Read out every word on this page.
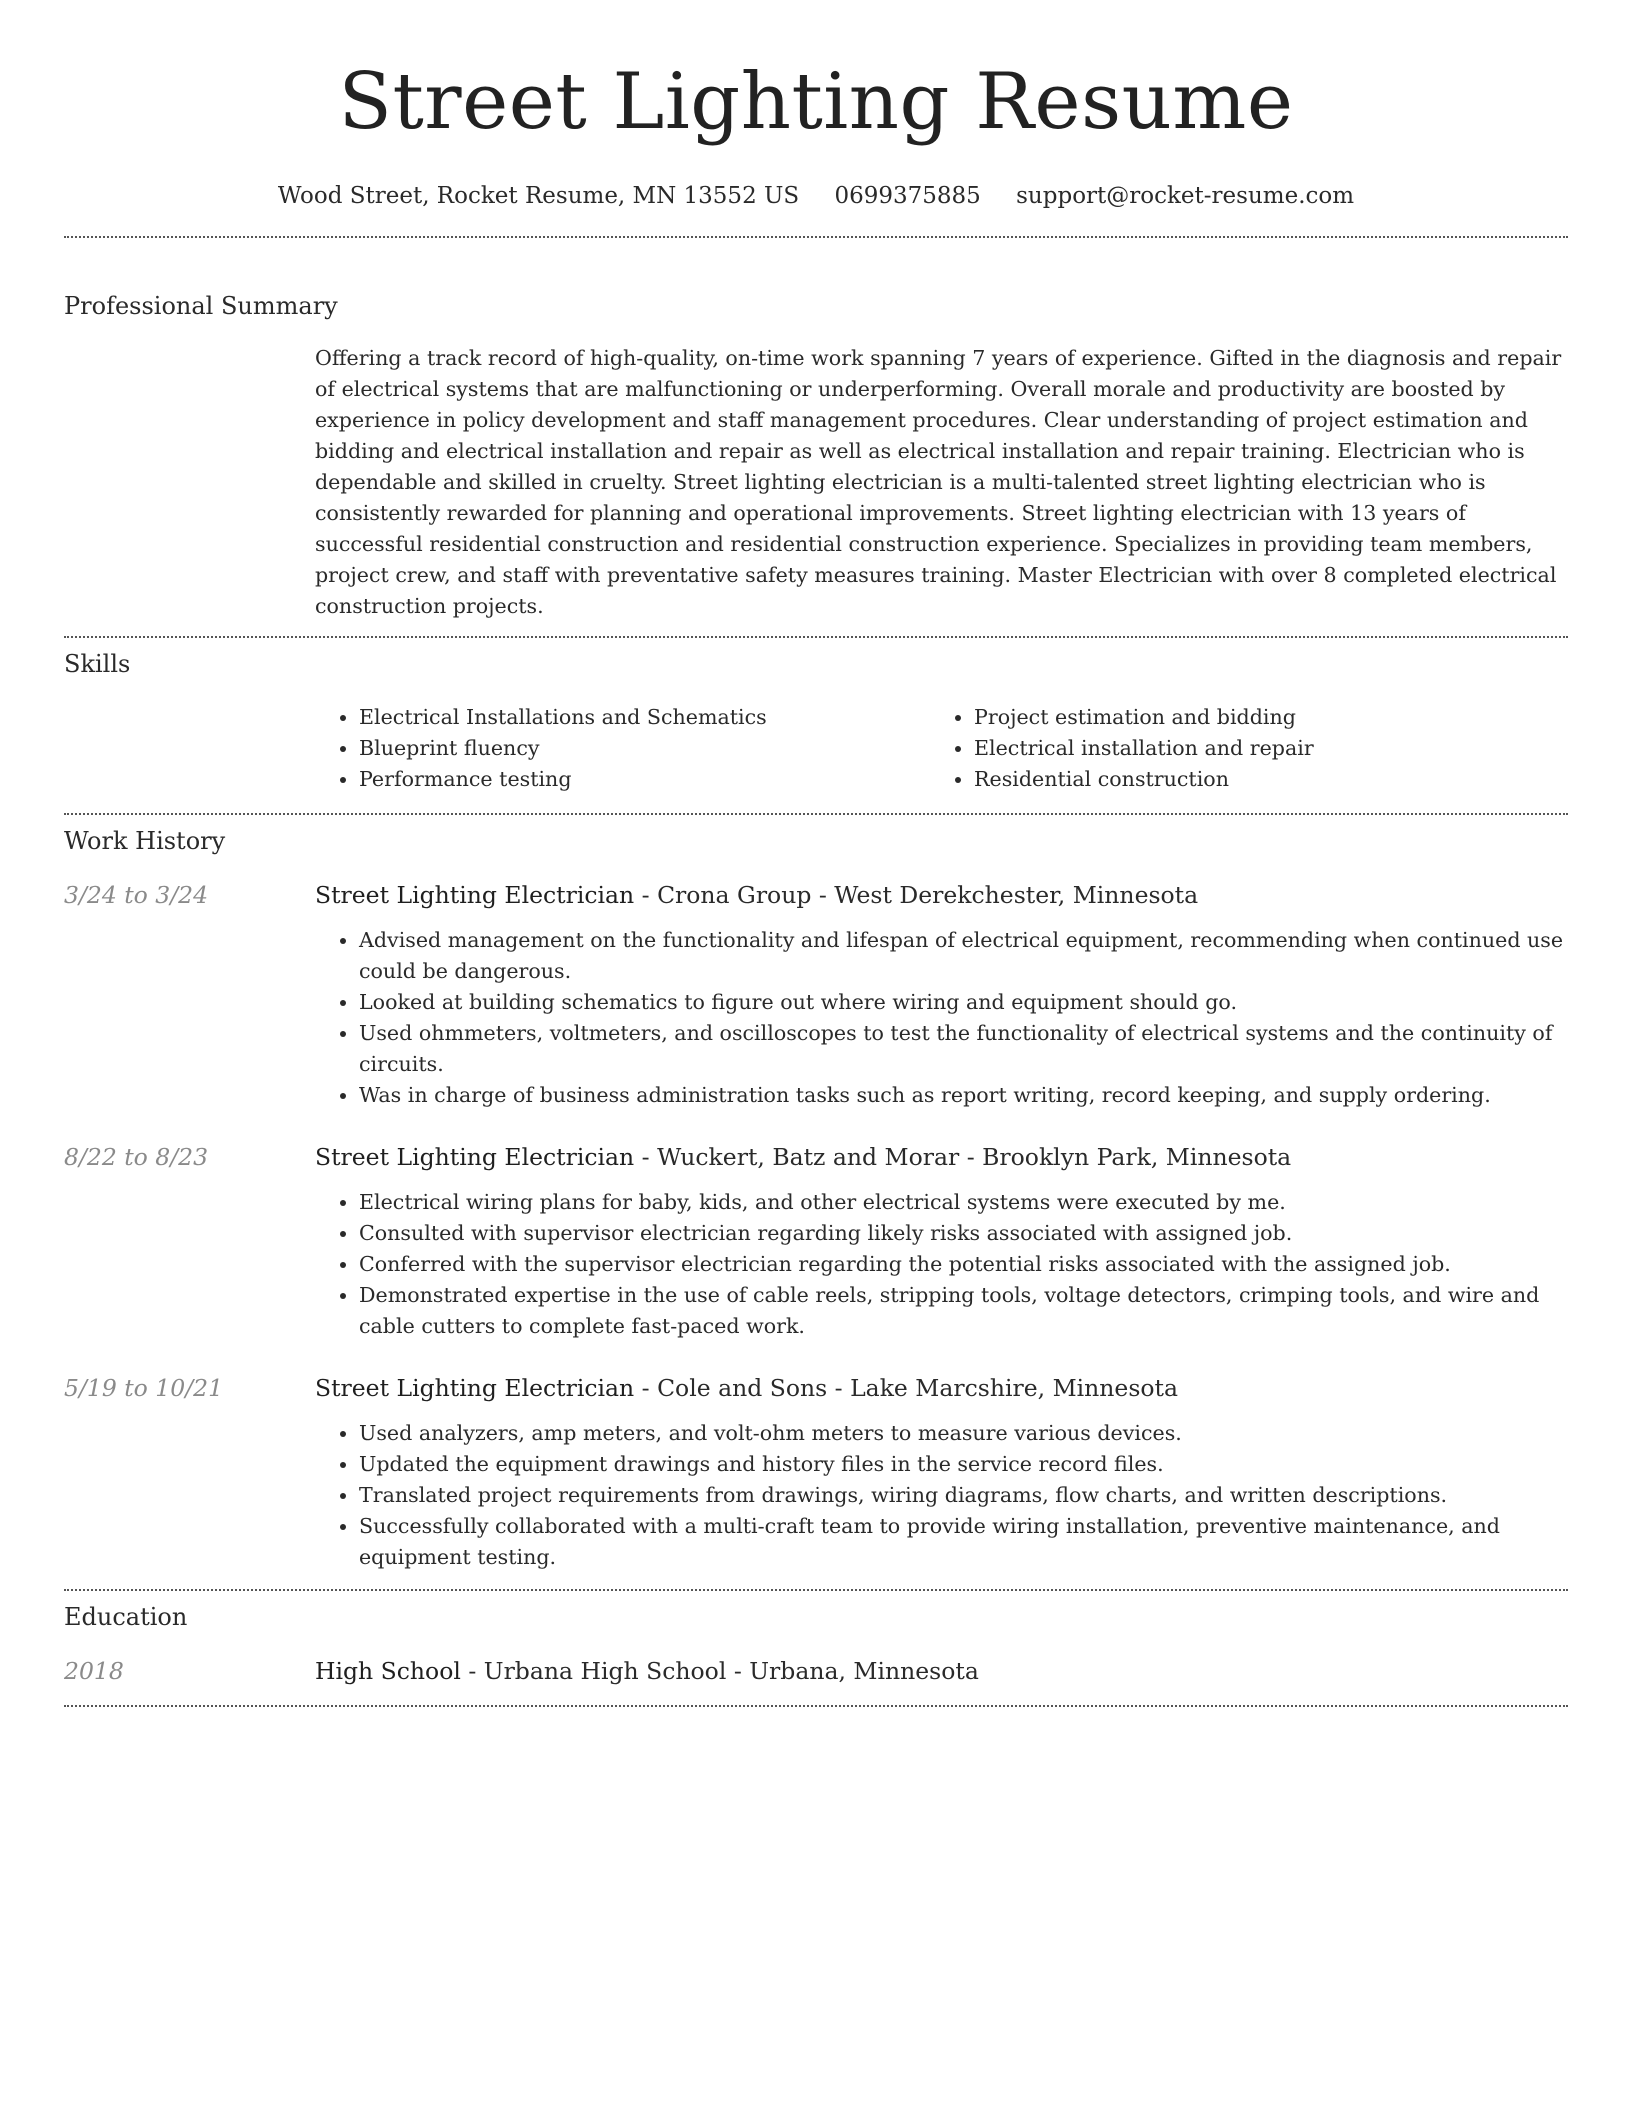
Street Lighting Resume
Wood Street, Rocket Resume, MN 13552 US 0699375885 support@rocket-resume.com
Professional Summary

Offering a track record of high-quality, on-time work spanning 7 years of experience. Gifted in the diagnosis and repair of electrical systems that are malfunctioning or underperforming. Overall morale and productivity are boosted by experience in policy development and staff management procedures. Clear understanding of project estimation and bidding and electrical installation and repair as well as electrical installation and repair training. Electrician who is dependable and skilled in cruelty. Street lighting electrician is a multi-talented street lighting electrician who is consistently rewarded for planning and operational improvements. Street lighting electrician with 13 years of successful residential construction and residential construction experience. Specializes in providing team members, project crew, and staff with preventative safety measures training. Master Electrician with over 8 completed electrical construction projects.

Skills
• Electrical Installations and Schematics
• Blueprint fluency
• Performance testing
• Project estimation and bidding
• Electrical installation and repair
• Residential construction
Work History
3/24 to 3/24	Street Lighting Electrician - Crona Group - West Derekchester, Minnesota

• Advised management on the functionality and lifespan of electrical equipment, recommending when continued use could be dangerous.
• Looked at building schematics to figure out where wiring and equipment should go.
• Used ohmmeters, voltmeters, and oscilloscopes to test the functionality of electrical systems and the continuity of circuits.
• Was in charge of business administration tasks such as report writing, record keeping, and supply ordering.
8/22 to 8/23	Street Lighting Electrician - Wuckert, Batz and Morar - Brooklyn Park, Minnesota

• Electrical wiring plans for baby, kids, and other electrical systems were executed by me.
• Consulted with supervisor electrician regarding likely risks associated with assigned job.
• Conferred with the supervisor electrician regarding the potential risks associated with the assigned job.
• Demonstrated expertise in the use of cable reels, stripping tools, voltage detectors, crimping tools, and wire and cable cutters to complete fast-paced work.
5/19 to 10/21	Street Lighting Electrician - Cole and Sons - Lake Marcshire, Minnesota

• Used analyzers, amp meters, and volt-ohm meters to measure various devices.
• Updated the equipment drawings and history files in the service record files.
• Translated project requirements from drawings, wiring diagrams, flow charts, and written descriptions.
• Successfully collaborated with a multi-craft team to provide wiring installation, preventive maintenance, and equipment testing.
Education
2018	High School - Urbana High School - Urbana, Minnesota
